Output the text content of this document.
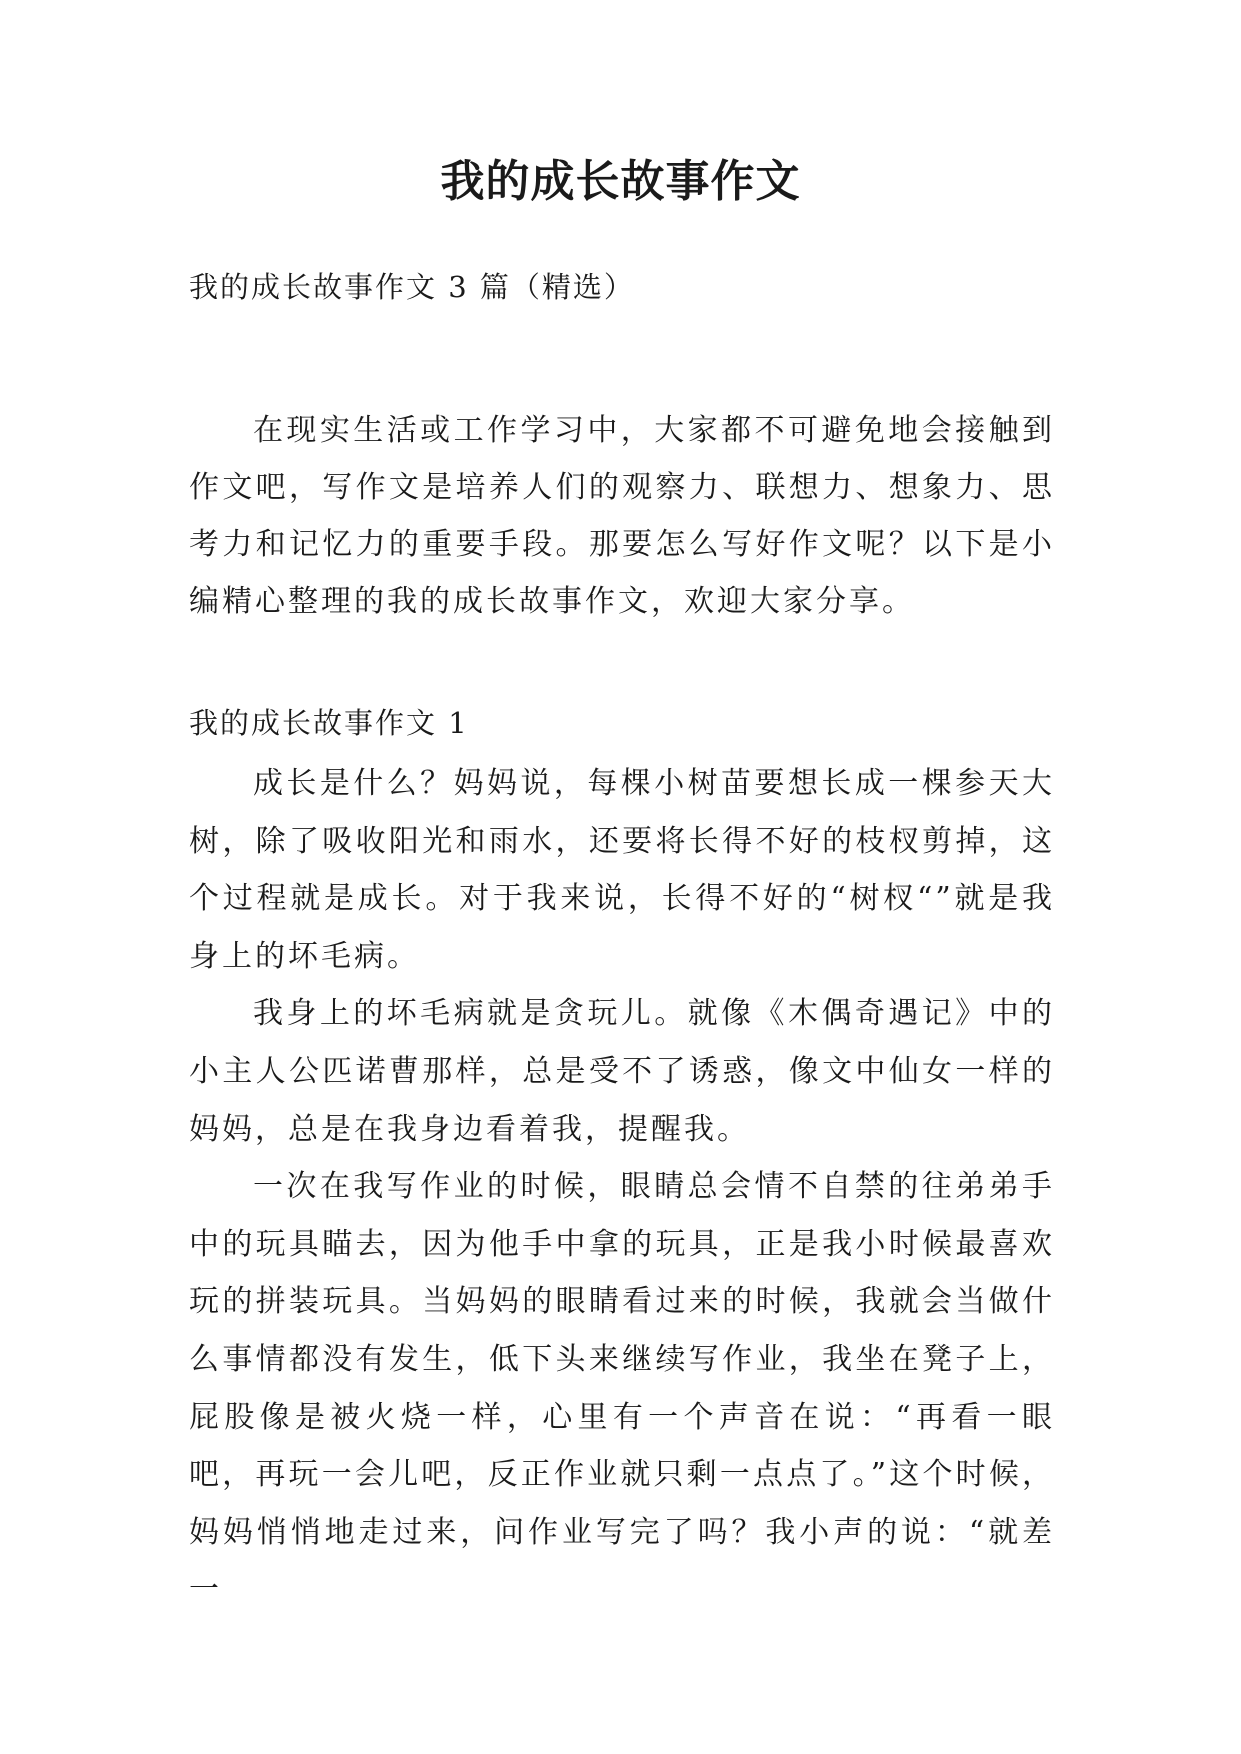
我的成长故事作文

我的成长故事作文 3 篇（精选）

在现实生活或工作学习中，大家都不可避免地会接触到作文吧，写作文是培养人们的观察力、联想力、想象力、思考力和记忆力的重要手段。那要怎么写好作文呢？以下是小编精心整理的我的成长故事作文，欢迎大家分享。

我的成长故事作文 1

成长是什么？妈妈说，每棵小树苗要想长成一棵参天大树，除了吸收阳光和雨水，还要将长得不好的枝杈剪掉，这个过程就是成长。对于我来说，长得不好的“树杈“”就是我身上的坏毛病。

我身上的坏毛病就是贪玩儿。就像《木偶奇遇记》中的小主人公匹诺曹那样，总是受不了诱惑，像文中仙女一样的妈妈，总是在我身边看着我，提醒我。

一次在我写作业的时候，眼睛总会情不自禁的往弟弟手中的玩具瞄去，因为他手中拿的玩具，正是我小时候最喜欢玩的拼装玩具。当妈妈的眼睛看过来的时候，我就会当做什么事情都没有发生，低下头来继续写作业，我坐在凳子上，屁股像是被火烧一样，心里有一个声音在说：“再看一眼吧，再玩一会儿吧，反正作业就只剩一点点了。”这个时候，妈妈悄悄地走过来，问作业写完了吗？我小声的说：“就差一
